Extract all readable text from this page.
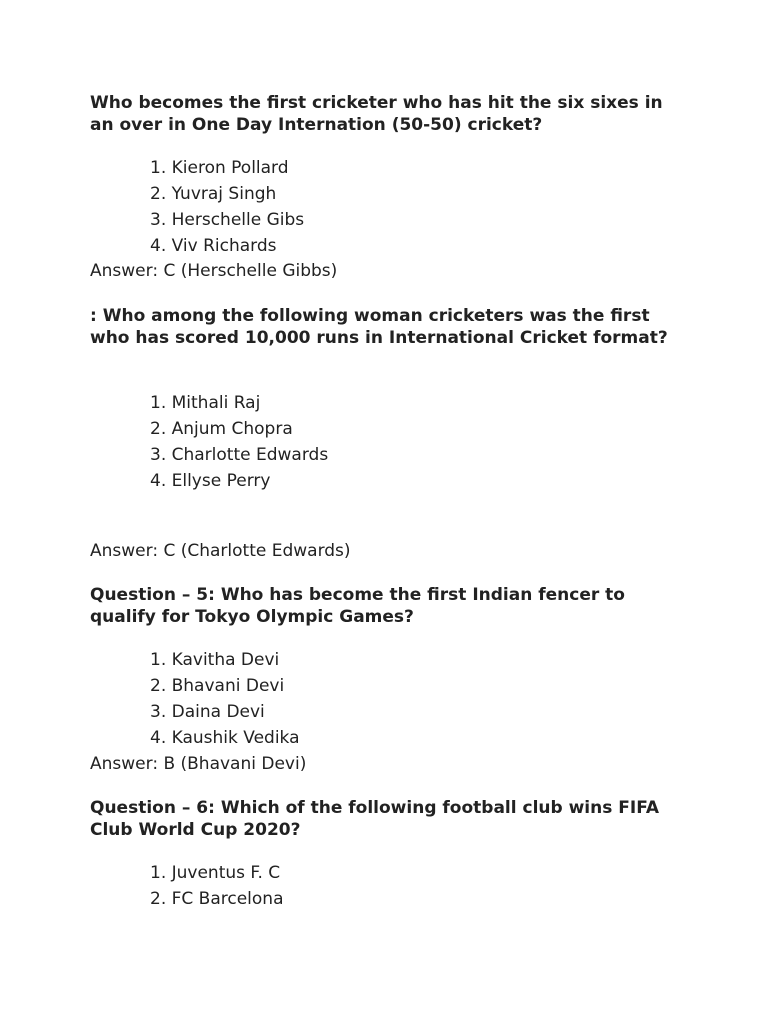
Who becomes the first cricketer who has hit the six sixes in an over in One Day Internation (50-50) cricket?

1. Kieron Pollard
2. Yuvraj Singh
3. Herschelle Gibs
4. Viv Richards

Answer: C (Herschelle Gibbs)

: Who among the following woman cricketers was the first who has scored 10,000 runs in International Cricket format?

1. Mithali Raj
2. Anjum Chopra
3. Charlotte Edwards
4. Ellyse Perry

Answer: C (Charlotte Edwards)

Question – 5: Who has become the first Indian fencer to qualify for Tokyo Olympic Games?

1. Kavitha Devi
2. Bhavani Devi
3. Daina Devi
4. Kaushik Vedika

Answer: B (Bhavani Devi)

Question – 6: Which of the following football club wins FIFA Club World Cup 2020?

1. Juventus F. C
2. FC Barcelona
